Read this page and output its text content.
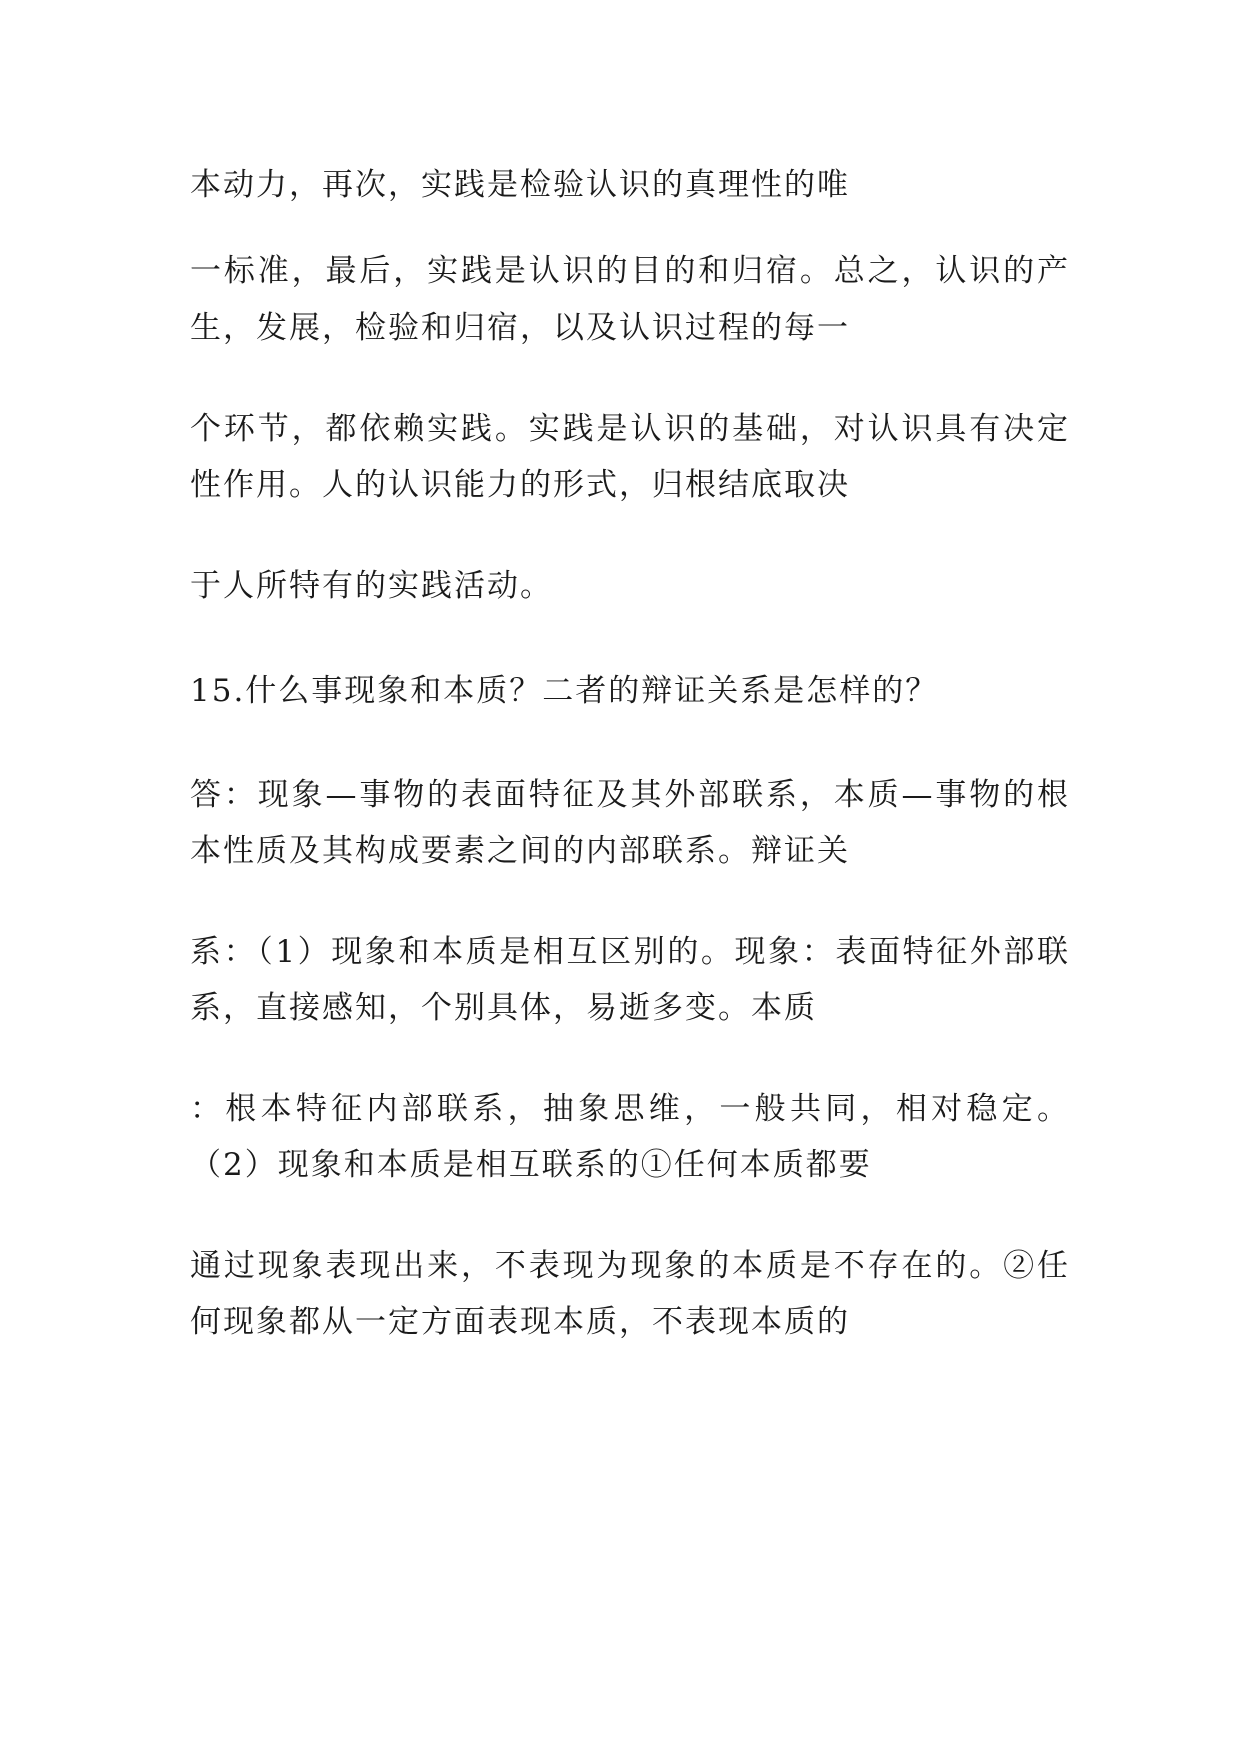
本动力，再次，实践是检验认识的真理性的唯
一标准，最后，实践是认识的目的和归宿。总之，认识的产
生，发展，检验和归宿，以及认识过程的每一
个环节，都依赖实践。实践是认识的基础，对认识具有决定
性作用。人的认识能力的形式，归根结底取决
于人所特有的实践活动。
15.什么事现象和本质？二者的辩证关系是怎样的？
答：现象—事物的表面特征及其外部联系，本质—事物的根
本性质及其构成要素之间的内部联系。辩证关
系：（1）现象和本质是相互区别的。现象：表面特征外部联
系，直接感知，个别具体，易逝多变。本质
：根本特征内部联系，抽象思维，一般共同，相对稳定。
（2）现象和本质是相互联系的①任何本质都要
通过现象表现出来，不表现为现象的本质是不存在的。②任
何现象都从一定方面表现本质，不表现本质的
